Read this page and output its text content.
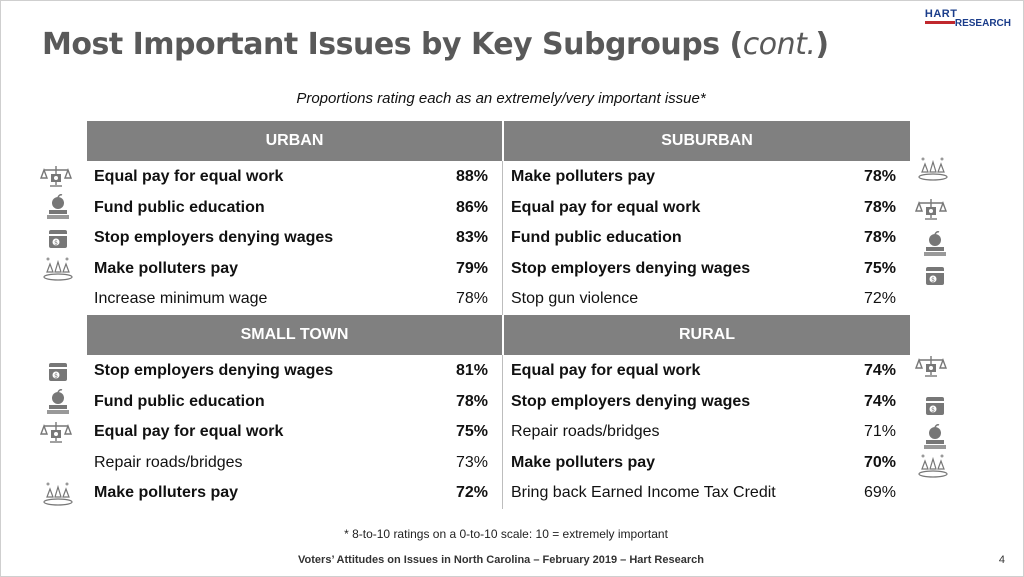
HART
RESEARCH
Most Important Issues by Key Subgroups (cont.)
Proportions rating each as an extremely/very important issue*
URBAN
Equal pay for equal work	88%
Fund public education	86%
Stop employers denying wages	83%
Make polluters pay	79%
Increase minimum wage	78%
SUBURBAN
Make polluters pay	78%
Equal pay for equal work	78%
Fund public education	78%
Stop employers denying wages	75%
Stop gun violence	72%
SMALL TOWN
Stop employers denying wages	81%
Fund public education	78%
Equal pay for equal work	75%
Repair roads/bridges	73%
Make polluters pay	72%
RURAL
Equal pay for equal work	74%
Stop employers denying wages	74%
Repair roads/bridges	71%
Make polluters pay	70%
Bring back Earned Income Tax Credit	69%
$
$
$
$
* 8-to-10 ratings on a 0-to-10 scale: 10 = extremely important
Voters’ Attitudes on Issues in North Carolina – February 2019 – Hart Research	4
